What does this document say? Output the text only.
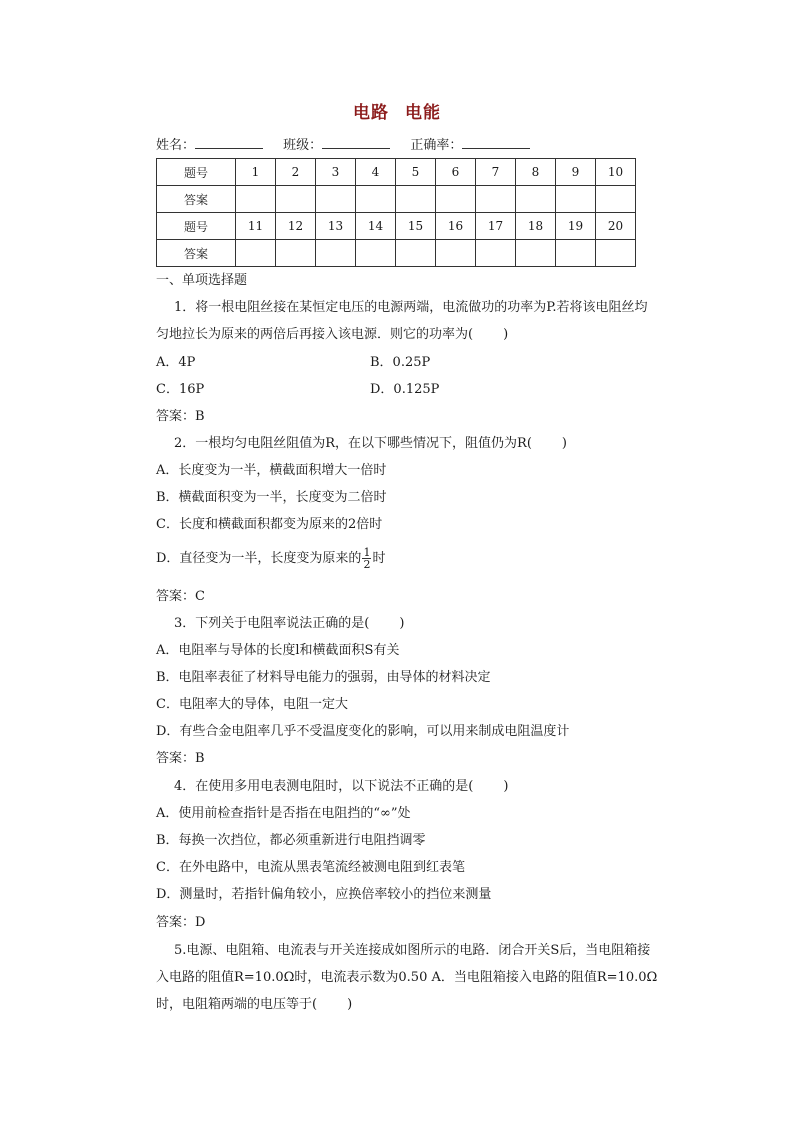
电路 电能
姓名：	班级：	正确率：
题号	1	2	3	4	5	6	7	8	9	10
答案										
题号	11	12	13	14	15	16	17	18	19	20
答案										
一、单项选择题
1．将一根电阻丝接在某恒定电压的电源两端，电流做功的功率为P.若将该电阻丝均
匀地拉长为原来的两倍后再接入该电源．则它的功率为( )
A．4P	B．0.25P
C．16P	D．0.125P
答案：B
2．一根均匀电阻丝阻值为R，在以下哪些情况下，阻值仍为R( )
A．长度变为一半，横截面积增大一倍时
B．横截面积变为一半，长度变为二倍时
C．长度和横截面积都变为原来的2倍时
D．直径变为一半，长度变为原来的 $\frac{1}{2}$ 时
答案：C
3．下列关于电阻率说法正确的是( )
A．电阻率与导体的长度l和横截面积S有关
B．电阻率表征了材料导电能力的强弱，由导体的材料决定
C．电阻率大的导体，电阻一定大
D．有些合金电阻率几乎不受温度变化的影响，可以用来制成电阻温度计
答案：B
4．在使用多用电表测电阻时，以下说法不正确的是( )
A．使用前检查指针是否指在电阻挡的“∞”处
B．每换一次挡位，都必须重新进行电阻挡调零
C．在外电路中，电流从黑表笔流经被测电阻到红表笔
D．测量时，若指针偏角较小，应换倍率较小的挡位来测量
答案：D
5.电源、电阻箱、电流表与开关连接成如图所示的电路．闭合开关S后，当电阻箱接
入电路的阻值R=10.0Ω时，电流表示数为0.50 A．当电阻箱接入电路的阻值R=10.0Ω
时，电阻箱两端的电压等于( )
